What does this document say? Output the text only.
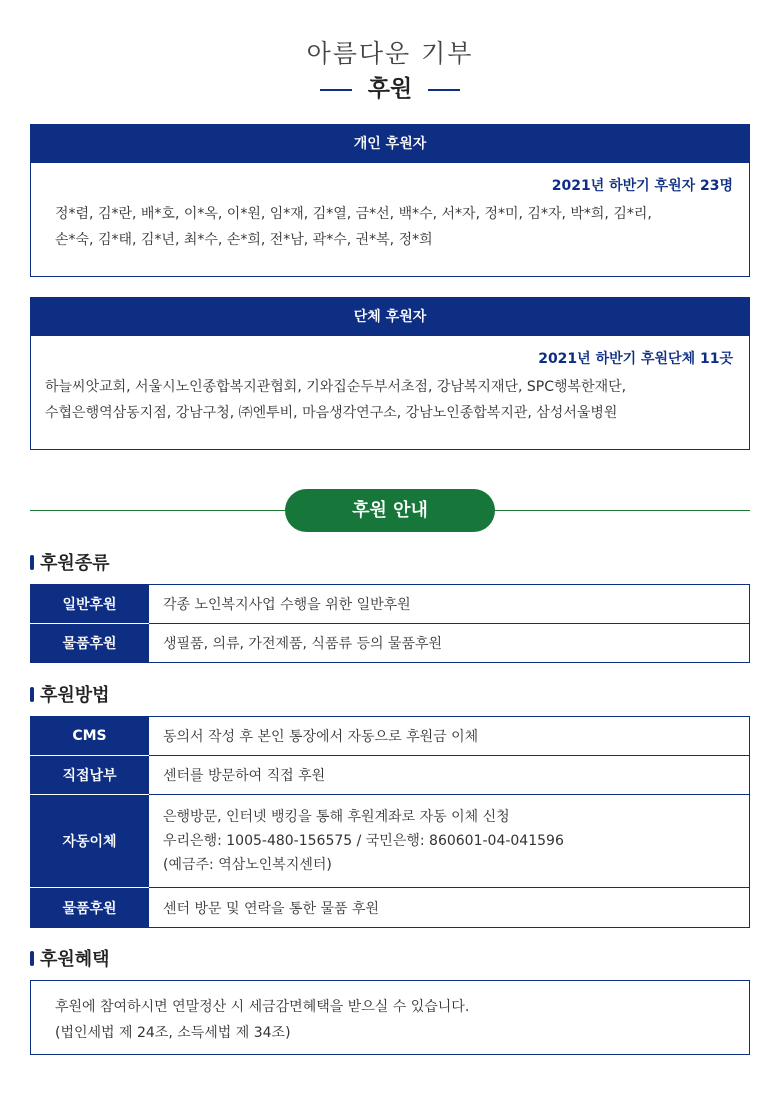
아름다운 기부
후원
개인 후원자
2021년 하반기 후원자 23명
정*렴, 김*란, 배*호, 이*옥, 이*원, 임*재, 김*열, 금*선, 백*수, 서*자, 정*미, 김*자, 박*희, 김*리,
손*숙, 김*태, 김*년, 최*수, 손*희, 전*남, 곽*수, 권*복, 정*희
단체 후원자
2021년 하반기 후원단체 11곳
하늘씨앗교회, 서울시노인종합복지관협회, 기와집순두부서초점, 강남복지재단, SPC행복한재단,
수협은행역삼동지점, 강남구청, ㈜엔투비, 마음생각연구소, 강남노인종합복지관, 삼성서울병원
후원 안내
후원종류
일반후원	각종 노인복지사업 수행을 위한 일반후원
물품후원	생필품, 의류, 가전제품, 식품류 등의 물품후원
후원방법
CMS	동의서 작성 후 본인 통장에서 자동으로 후원금 이체
직접납부	센터를 방문하여 직접 후원
자동이체	은행방문, 인터넷 뱅킹을 통해 후원계좌로 자동 이체 신청
우리은행: 1005-480-156575 / 국민은행: 860601-04-041596
(예금주: 역삼노인복지센터)

물품후원	센터 방문 및 연락을 통한 물품 후원
후원혜택
후원에 참여하시면 연말정산 시 세금감면혜택을 받으실 수 있습니다.
(법인세법 제 24조, 소득세법 제 34조)
